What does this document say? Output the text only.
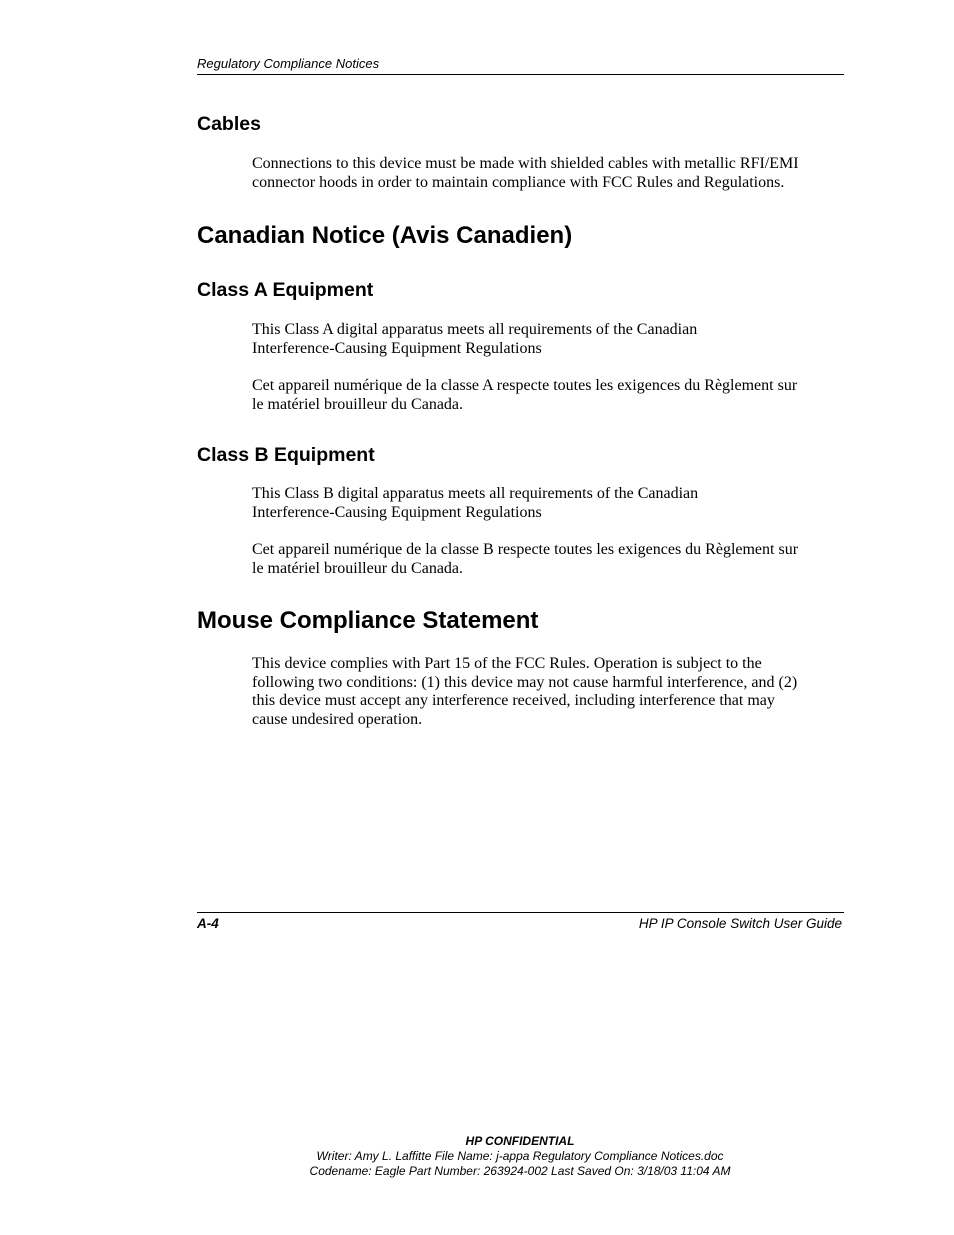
Regulatory Compliance Notices
Cables

Connections to this device must be made with shielded cables with metallic RFI/EMI
connector hoods in order to maintain compliance with FCC Rules and Regulations.

Canadian Notice (Avis Canadien)
Class A Equipment

This Class A digital apparatus meets all requirements of the Canadian
Interference-Causing Equipment Regulations

Cet appareil numérique de la classe A respecte toutes les exigences du Règlement sur
le matériel brouilleur du Canada.

Class B Equipment

This Class B digital apparatus meets all requirements of the Canadian
Interference-Causing Equipment Regulations

Cet appareil numérique de la classe B respecte toutes les exigences du Règlement sur
le matériel brouilleur du Canada.

Mouse Compliance Statement

This device complies with Part 15 of the FCC Rules. Operation is subject to the
following two conditions: (1) this device may not cause harmful interference, and (2)
this device must accept any interference received, including interference that may
cause undesired operation.

A-4	HP IP Console Switch User Guide
HP CONFIDENTIAL
Writer: Amy L. Laffitte File Name: j-appa Regulatory Compliance Notices.doc
Codename: Eagle Part Number: 263924-002 Last Saved On: 3/18/03 11:04 AM
